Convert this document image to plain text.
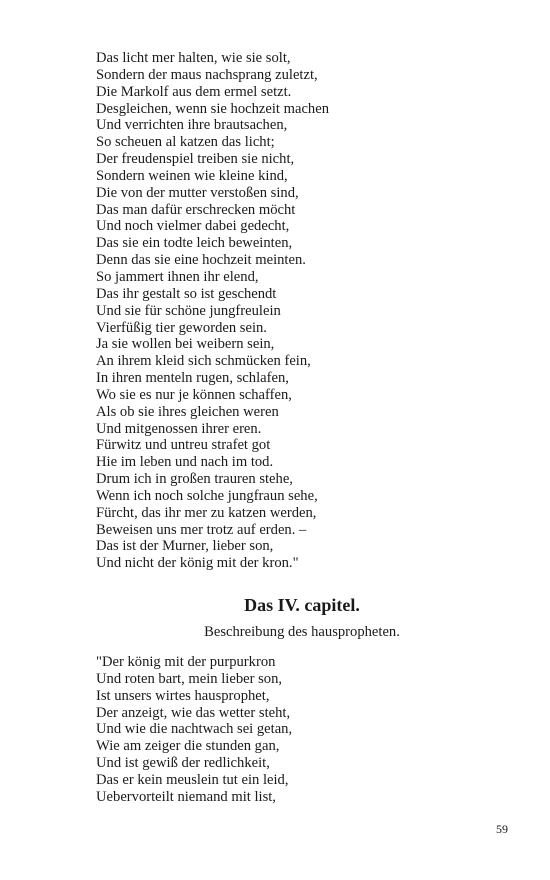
Das licht mer halten, wie sie solt,
Sondern der maus nachsprang zuletzt,
Die Markolf aus dem ermel setzt.
Desgleichen, wenn sie hochzeit machen
Und verrichten ihre brautsachen,
So scheuen al katzen das licht;
Der freudenspiel treiben sie nicht,
Sondern weinen wie kleine kind,
Die von der mutter verstoßen sind,
Das man dafür erschrecken möcht
Und noch vielmer dabei gedecht,
Das sie ein todte leich beweinten,
Denn das sie eine hochzeit meinten.
So jammert ihnen ihr elend,
Das ihr gestalt so ist geschendt
Und sie für schöne jungfreulein
Vierfüßig tier geworden sein.
Ja sie wollen bei weibern sein,
An ihrem kleid sich schmücken fein,
In ihren menteln rugen, schlafen,
Wo sie es nur je können schaffen,
Als ob sie ihres gleichen weren
Und mitgenossen ihrer eren.
Fürwitz und untreu strafet got
Hie im leben und nach im tod.
Drum ich in großen trauren stehe,
Wenn ich noch solche jungfraun sehe,
Fürcht, das ihr mer zu katzen werden,
Beweisen uns mer trotz auf erden. –
Das ist der Murner, lieber son,
Und nicht der könig mit der kron."
Das IV. capitel.

Beschreibung des hauspropheten.

"Der könig mit der purpurkron
Und roten bart, mein lieber son,
Ist unsers wirtes hausprophet,
Der anzeigt, wie das wetter steht,
Und wie die nachtwach sei getan,
Wie am zeiger die stunden gan,
Und ist gewiß der redlichkeit,
Das er kein meuslein tut ein leid,
Uebervorteilt niemand mit list,
59
